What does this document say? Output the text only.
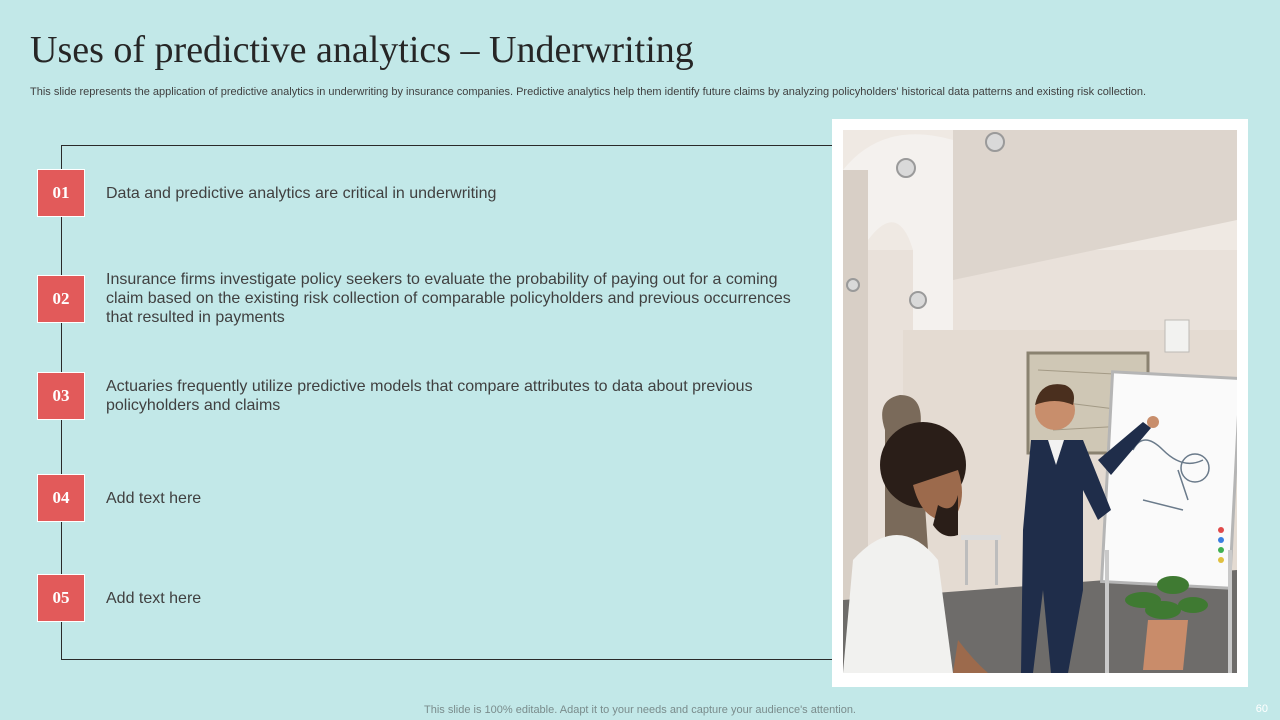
Uses of predictive analytics – Underwriting
This slide represents the application of predictive analytics in underwriting by insurance companies. Predictive analytics help them identify future claims by analyzing policyholders' historical data patterns and existing risk collection.
01	Data and predictive analytics are critical in underwriting
02
Insurance firms investigate policy seekers to evaluate the probability of paying out for a coming claim based on the existing risk collection of comparable policyholders and previous occurrences that resulted in payments
03	Actuaries frequently utilize predictive models that compare attributes to data about previous policyholders and claims
04	Add text here
05	Add text here
This slide is 100% editable. Adapt it to your needs and capture your audience's attention.	60
